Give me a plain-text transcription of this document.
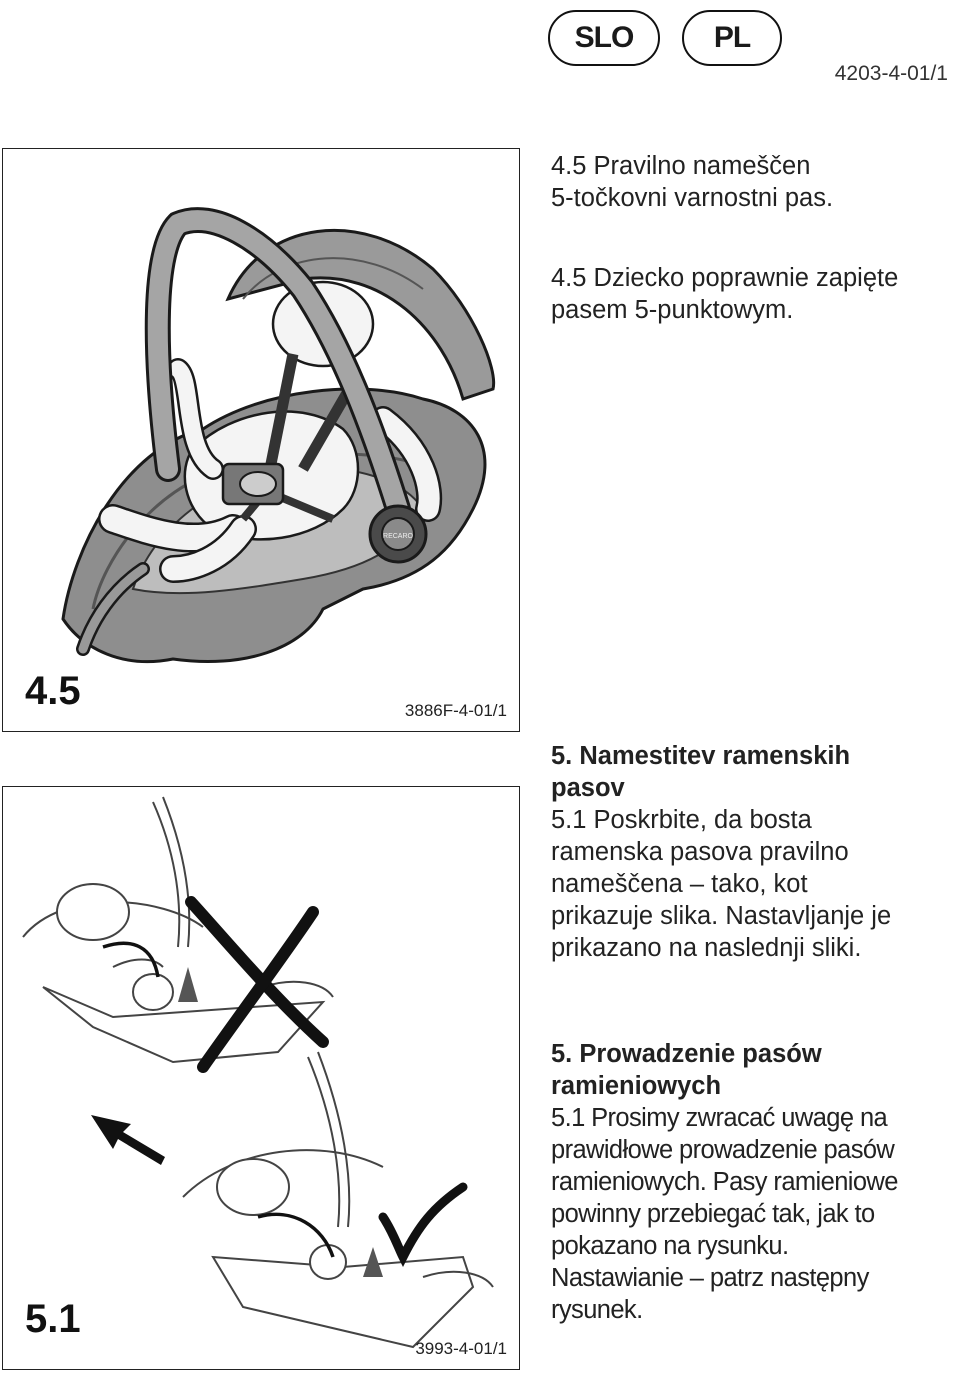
SLO	PL
4203-4-01/1
RECARO
4.5	3886F-4-01/1
5.1
3993-4-01/1

4.5 Pravilno nameščen

5-točkovni varnostni pas.

4.5 Dziecko poprawnie zapięte

pasem 5-punktowym.

5. Namestitev ramenskih

pasov

5.1 Poskrbite, da bosta

ramenska pasova pravilno

nameščena – tako, kot

prikazuje slika. Nastavljanje je

prikazano na naslednji sliki.

5. Prowadzenie pasów

ramieniowych

5.1 Prosimy zwracać uwagę na

prawidłowe prowadzenie pasów

ramieniowych. Pasy ramieniowe

powinny przebiegać tak, jak to

pokazano na rysunku.

Nastawianie – patrz następny

rysunek.
